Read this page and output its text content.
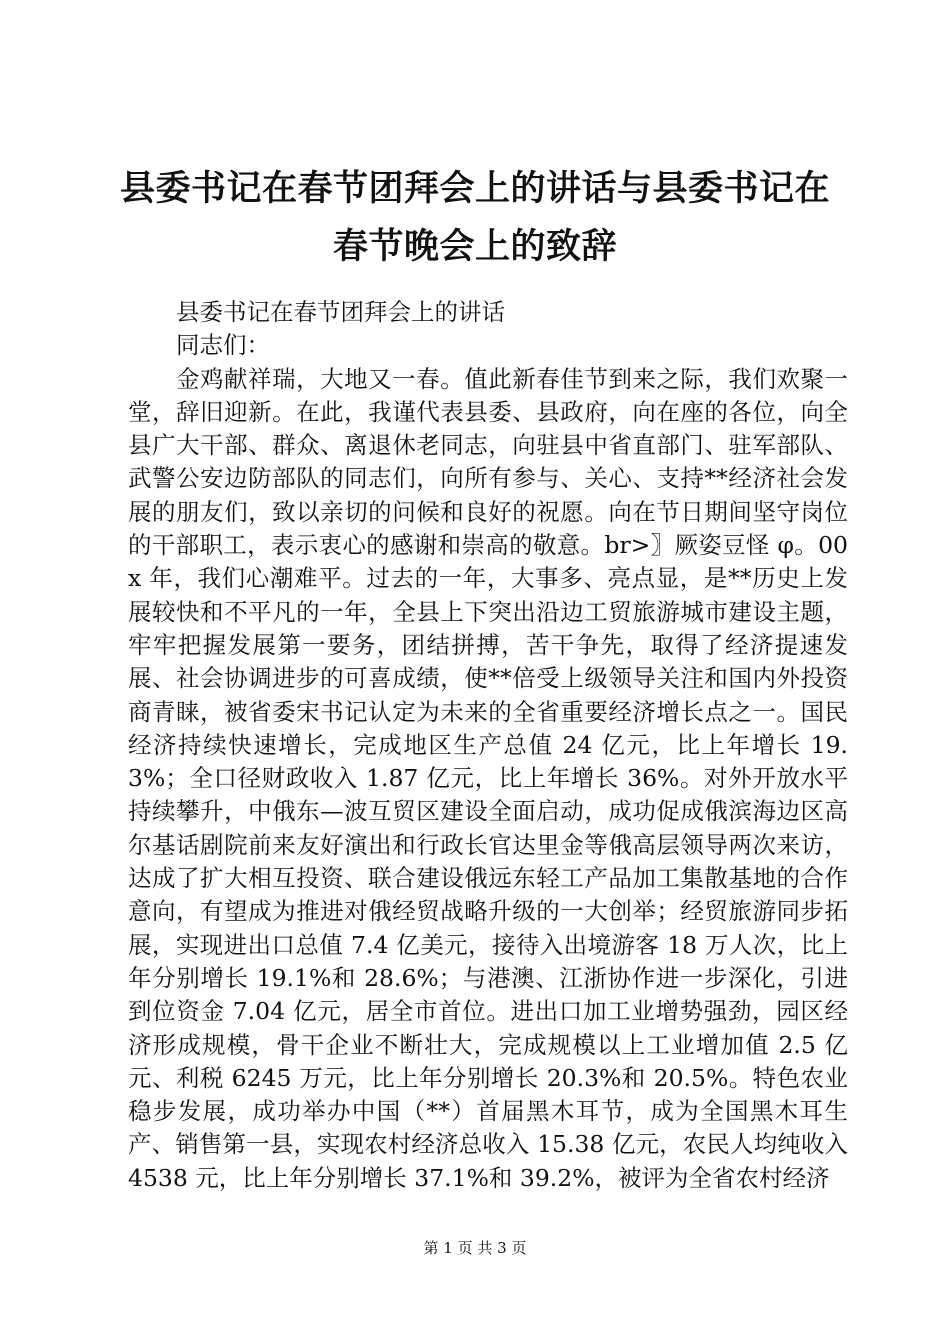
县委书记在春节团拜会上的讲话与县委书记在
春节晚会上的致辞

县委书记在春节团拜会上的讲话

同志们：

金鸡献祥瑞，大地又一春。值此新春佳节到来之际，我们欢聚一堂，辞旧迎新。在此，我谨代表县委、县政府，向在座的各位，向全县广大干部、群众、离退休老同志，向驻县中省直部门、驻军部队、武警公安边防部队的同志们，向所有参与、关心、支持**经济社会发展的朋友们，致以亲切的问候和良好的祝愿。向在节日期间坚守岗位的干部职工，表示衷心的感谢和崇高的敬意。br>〗厥姿豆怪 φ。00x 年，我们心潮难平。过去的一年，大事多、亮点显，是**历史上发展较快和不平凡的一年，全县上下突出沿边工贸旅游城市建设主题，牢牢把握发展第一要务，团结拼搏，苦干争先，取得了经济提速发展、社会协调进步的可喜成绩，使**倍受上级领导关注和国内外投资商青睐，被省委宋书记认定为未来的全省重要经济增长点之一。国民经济持续快速增长，完成地区生产总值 24 亿元，比上年增长 19.3%；全口径财政收入 1.87 亿元，比上年增长 36%。对外开放水平持续攀升，中俄东—波互贸区建设全面启动，成功促成俄滨海边区高尔基话剧院前来友好演出和行政长官达里金等俄高层领导两次来访，达成了扩大相互投资、联合建设俄远东轻工产品加工集散基地的合作意向，有望成为推进对俄经贸战略升级的一大创举；经贸旅游同步拓展，实现进出口总值 7.4 亿美元，接待入出境游客 18 万人次，比上年分别增长 19.1%和 28.6%；与港澳、江浙协作进一步深化，引进到位资金 7.04 亿元，居全市首位。进出口加工业增势强劲，园区经济形成规模，骨干企业不断壮大，完成规模以上工业增加值 2.5 亿元、利税 6245 万元，比上年分别增长 20.3%和 20.5%。特色农业稳步发展，成功举办中国（**）首届黑木耳节，成为全国黑木耳生产、销售第一县，实现农村经济总收入 15.38 亿元，农民人均纯收入 4538 元，比上年分别增长 37.1%和 39.2%，被评为全省农村经济

第 1 页 共 3 页
